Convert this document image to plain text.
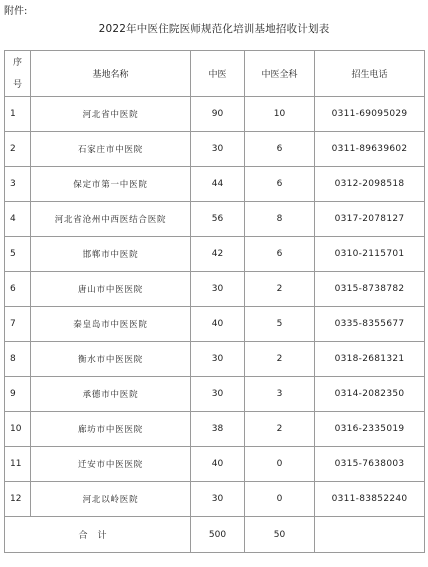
附件:
2022年中医住院医师规范化培训基地招收计划表
序
号	基地名称	中医	中医全科	招生电话
1	河北省中医院	90	10	0311-69095029
2	石家庄市中医院	30	6	0311-89639602
3	保定市第一中医院	44	6	0312-2098518
4	河北省沧州中西医结合医院	56	8	0317-2078127
5	邯郸市中医院	42	6	0310-2115701
6	唐山市中医医院	30	2	0315-8738782
7	秦皇岛市中医医院	40	5	0335-8355677
8	衡水市中医医院	30	2	0318-2681321
9	承德市中医院	30	3	0314-2082350
10	廊坊市中医医院	38	2	0316-2335019
11	迁安市中医医院	40	0	0315-7638003
12	河北以岭医院	30	0	0311-83852240
合计		500	50	
